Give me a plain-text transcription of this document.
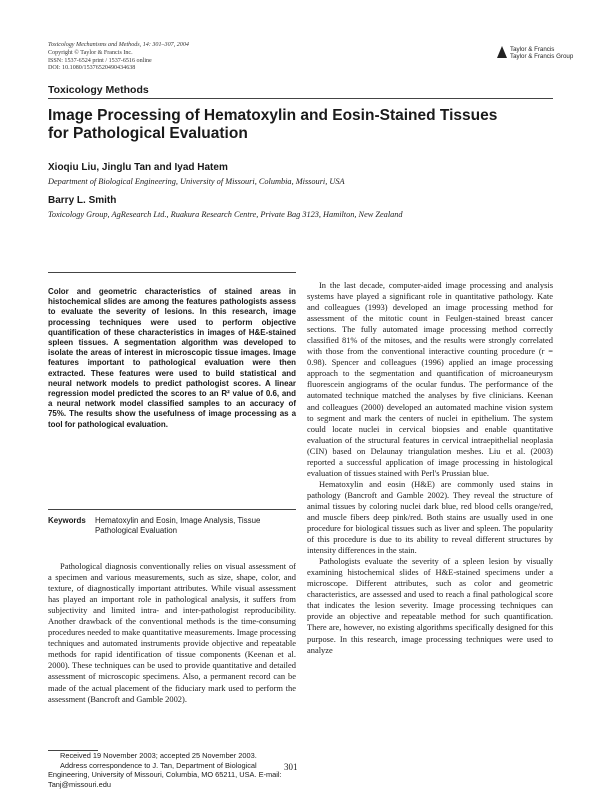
Toxicology Mechanisms and Methods, 14: 301–307, 2004
Copyright © Taylor & Francis Inc.
ISSN: 1537-6524 print / 1537-6516 online
DOI: 10.1080/15376520490434638
Taylor & Francis
Taylor & Francis Group
Toxicology Methods
Image Processing of Hematoxylin and Eosin-Stained Tissues
for Pathological Evaluation
Xioqiu Liu, Jinglu Tan and Iyad Hatem
Department of Biological Engineering, University of Missouri, Columbia, Missouri, USA
Barry L. Smith
Toxicology Group, AgResearch Ltd., Ruakura Research Centre, Private Bag 3123, Hamilton, New Zealand
Color and geometric characteristics of stained areas in histochemical slides are among the features pathologists assess to evaluate the severity of lesions. In this research, image processing techniques were used to perform objective quantification of these characteristics in images of H&E-stained spleen tissues. A segmentation algorithm was developed to isolate the areas of interest in microscopic tissue images. Image features important to pathological evaluation were then extracted. These features were used to build statistical and neural network models to predict pathologist scores. A linear regression model predicted the scores to an R² value of 0.6, and a neural network model classified samples to an accuracy of 75%. The results show the usefulness of image processing as a tool for pathological evaluation.
Keywords Hematoxylin and Eosin, Image Analysis, Tissue Pathological Evaluation

Pathological diagnosis conventionally relies on visual assessment of a specimen and various measurements, such as size, shape, color, and texture, of diagnostically important attributes. While visual assessment has played an important role in pathological analysis, it suffers from subjectivity and limited intra- and inter-pathologist reproducibility. Another drawback of the conventional methods is the time-consuming procedures needed to make quantitative measurements. Image processing techniques and automated instruments provide objective and repeatable methods for rapid identification of tissue components (Keenan et al. 2000). These techniques can be used to provide quantitative and detailed assessment of microscopic specimens. Also, a permanent record can be made of the actual placement of the fiduciary mark used to perform the assessment (Bancroft and Gamble 2002).

In the last decade, computer-aided image processing and analysis systems have played a significant role in quantitative pathology. Kate and colleagues (1993) developed an image processing method for assessment of the mitotic count in Feulgen-stained breast cancer sections. The fully automated image processing method correctly classified 81% of the mitoses, and the results were strongly correlated with those from the conventional interactive counting procedure (r = 0.98). Spencer and colleagues (1996) applied an image processing approach to the segmentation and quantification of microaneurysm fluorescein angiograms of the ocular fundus. The performance of the automated technique matched the analyses by five clinicians. Keenan and colleagues (2000) developed an automated machine vision system to segment and mark the centers of nuclei in epithelium. The system could locate nuclei in cervical biopsies and enable quantitative evaluation of the structural features in cervical intraepithelial neoplasia (CIN) based on Delaunay triangulation meshes. Liu et al. (2003) reported a successful application of image processing in histological evaluation of tissues stained with Perl's Prussian blue.

Hematoxylin and eosin (H&E) are commonly used stains in pathology (Bancroft and Gamble 2002). They reveal the structure of animal tissues by coloring nuclei dark blue, red blood cells orange/red, and muscle fibers deep pink/red. Both stains are usually used in one procedure for biological tissues such as liver and spleen. The popularity of this procedure is due to its ability to reveal different structures by intensity differences in the stain.

Pathologists evaluate the severity of a spleen lesion by visually examining histochemical slides of H&E-stained specimens under a microscope. Different attributes, such as color and geometric characteristics, are assessed and used to reach a final pathological score that indicates the lesion severity. Image processing techniques can provide an objective and repeatable method for such quantification. There are, however, no existing algorithms specifically designed for this purpose. In this research, image processing techniques were used to analyze

Received 19 November 2003; accepted 25 November 2003.
Address correspondence to J. Tan, Department of Biological Engineering, University of Missouri, Columbia, MO 65211, USA. E-mail: Tanj@missouri.edu
301
